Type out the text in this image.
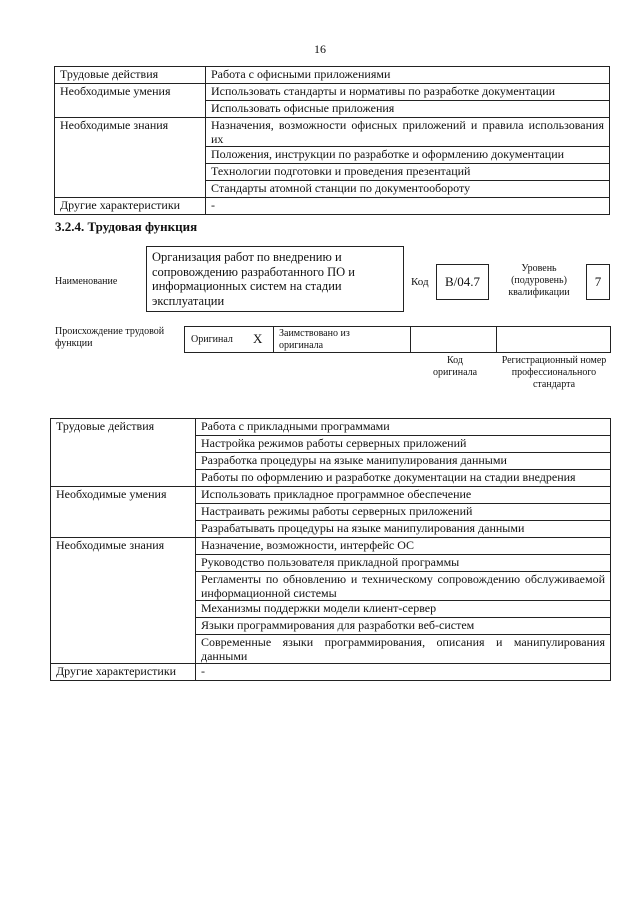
16
Трудовые действия	Работа с офисными приложениями
Необходимые умения	Использовать стандарты и нормативы по разработке документации
	Использовать офисные приложения
Необходимые знания	Назначения, возможности офисных приложений и правила использования их
	Положения, инструкции по разработке и оформлению документации
	Технологии подготовки и проведения презентаций
	Стандарты атомной станции по документообороту
Другие характеристики	-
3.2.4. Трудовая функция
Наименование
Организация работ по внедрению и сопровождению разработанного ПО и информационных систем на стадии эксплуатации
Код B/04.7
Уровень (подуровень) квалификации
7
Происхождение трудовой функции	Оригинал X Заимствовано из оригинала
Код оригинала
Регистрационный номер профессионального стандарта
Трудовые действия	Работа с прикладными программами
	Настройка режимов работы серверных приложений
	Разработка процедуры на языке манипулирования данными
	Работы по оформлению и разработке документации на стадии внедрения
Необходимые умения	Использовать прикладное программное обеспечение
	Настраивать режимы работы серверных приложений
	Разрабатывать процедуры на языке манипулирования данными
Необходимые знания	Назначение, возможности, интерфейс ОС
	Руководство пользователя прикладной программы
	Регламенты по обновлению и техническому сопровождению обслуживаемой информационной системы
	Механизмы поддержки модели клиент-сервер
	Языки программирования для разработки веб-систем
	Современные языки программирования, описания и манипулирования данными
Другие характеристики	-
